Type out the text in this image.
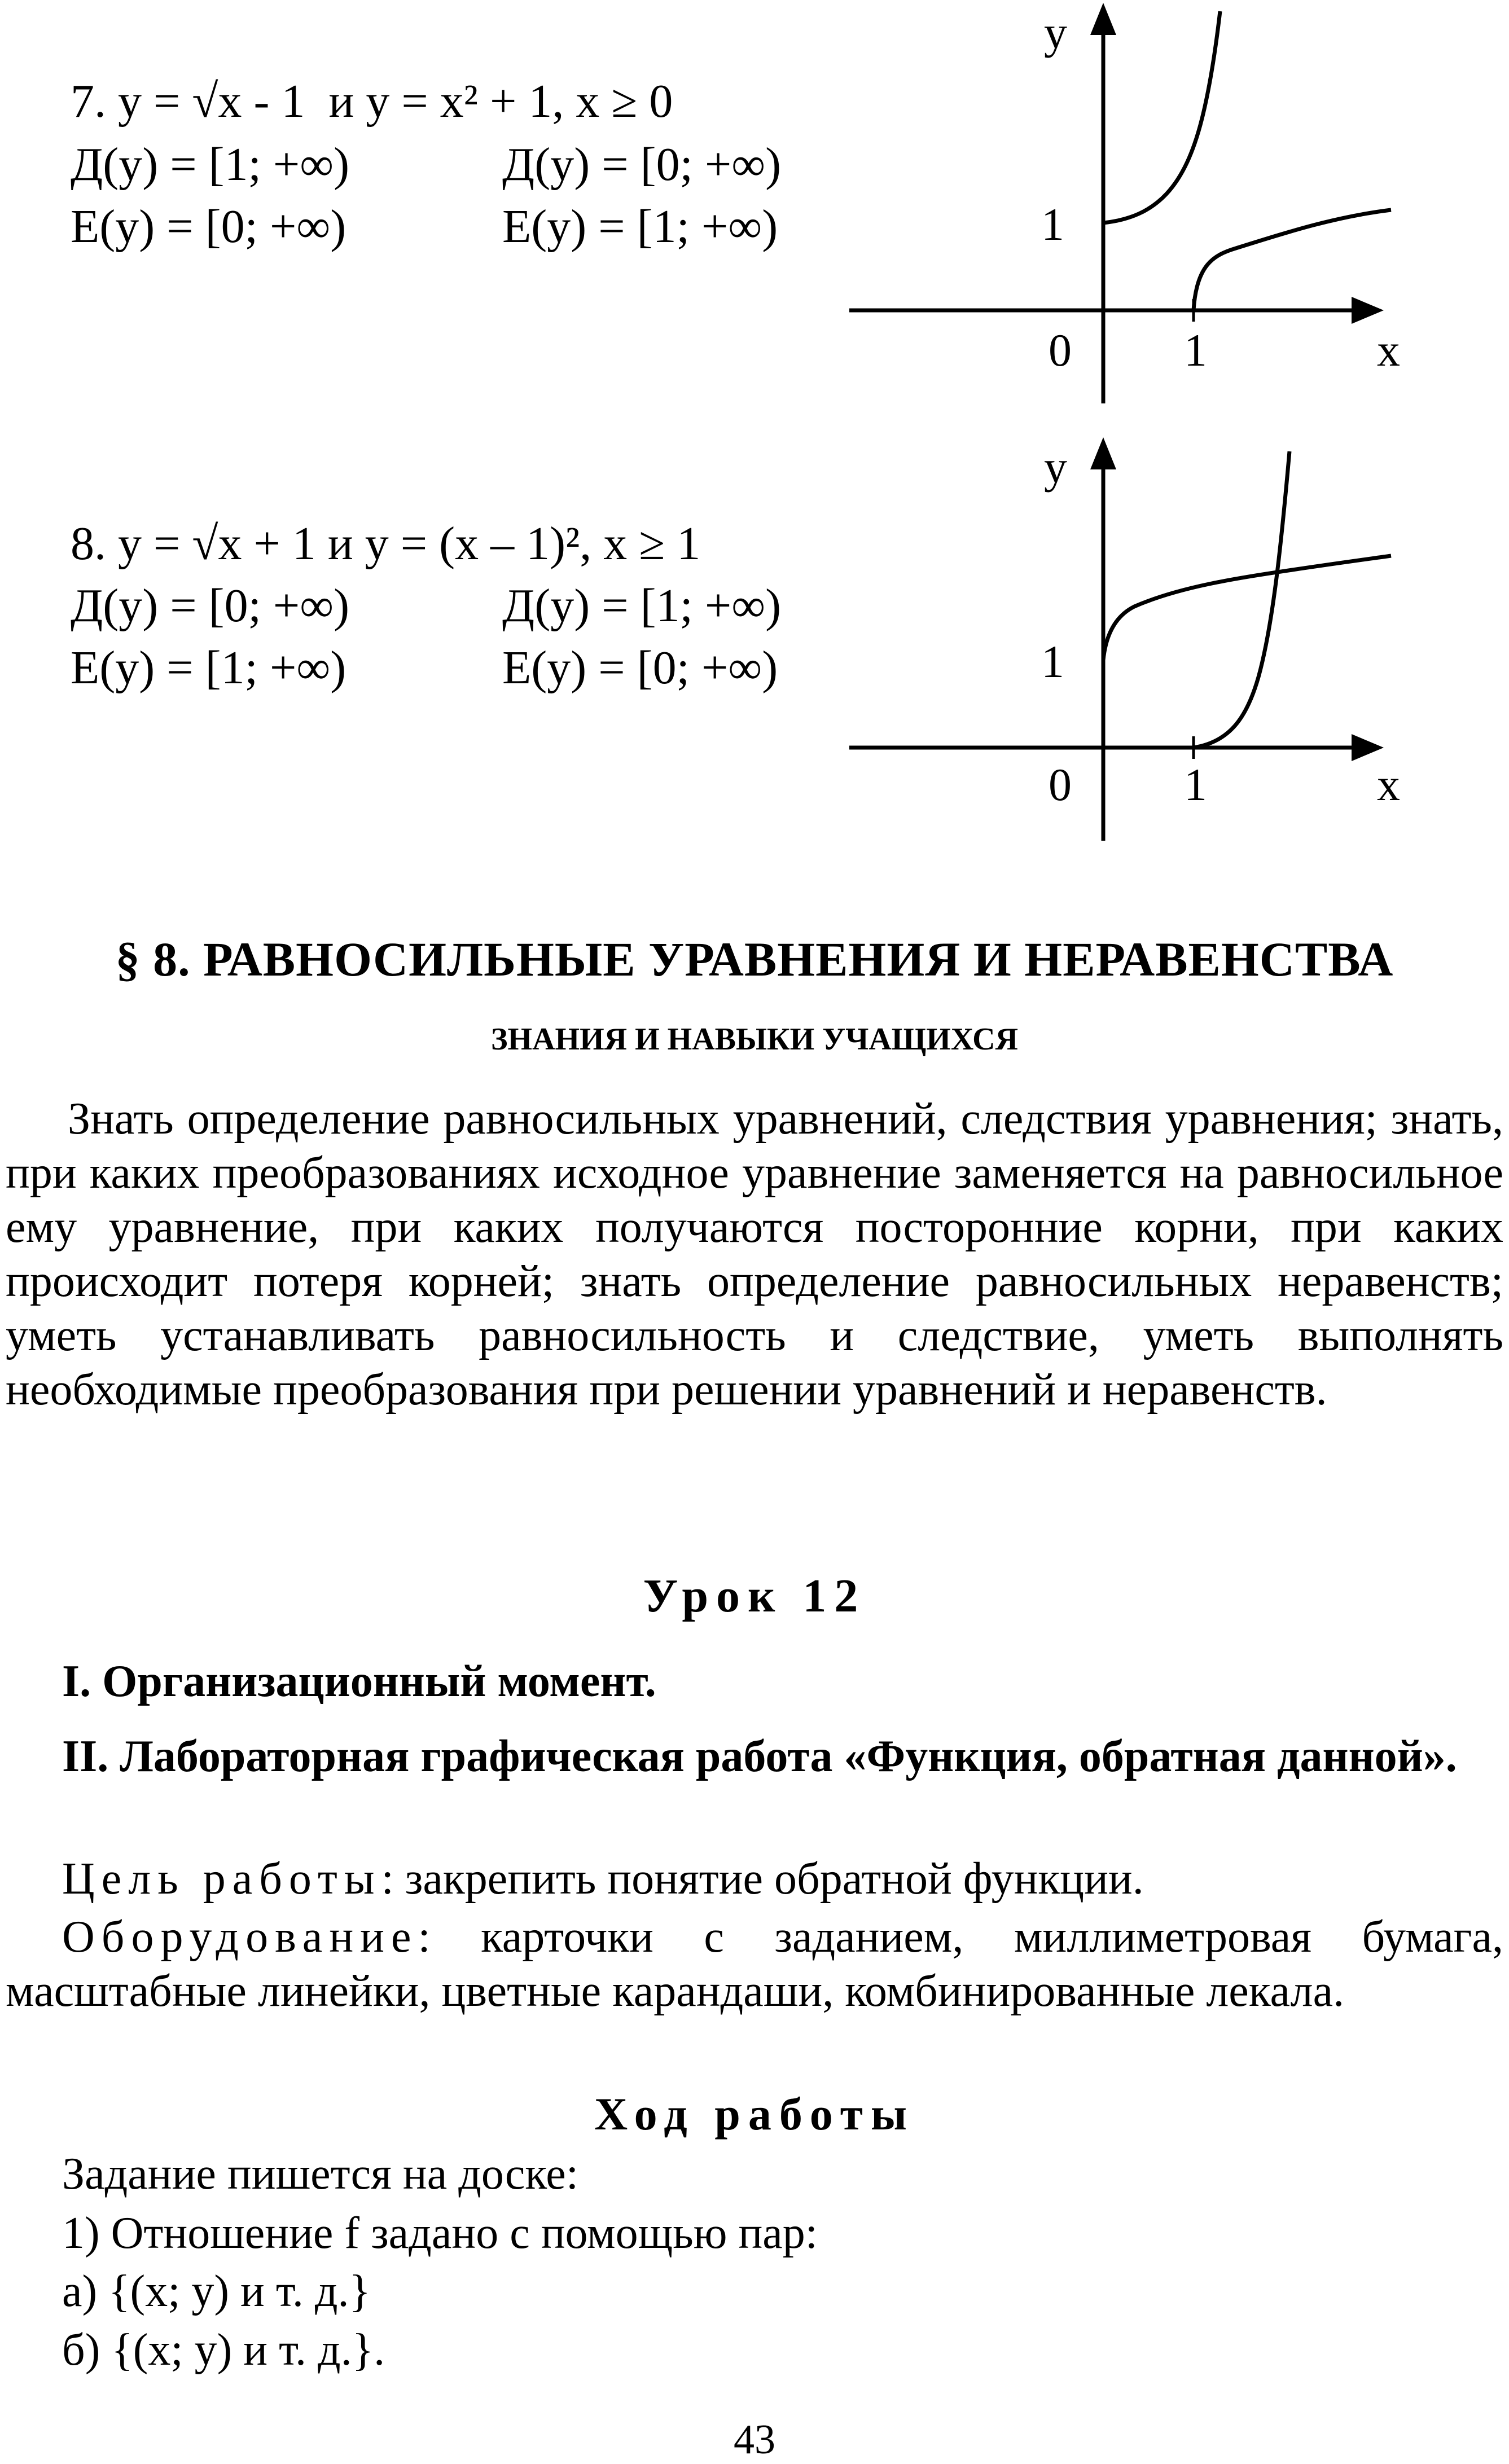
7. y = √x - 1  и y = x² + 1, x ≥ 0
Д(y) = [1; +∞)	Д(y) = [0; +∞)
E(y) = [0; +∞)	E(y) = [1; +∞)
y
x
0 1
1
8. y = √x + 1 и y = (x – 1)², x ≥ 1
Д(y) = [0; +∞)	Д(y) = [1; +∞)
E(y) = [1; +∞)	E(y) = [0; +∞)
y
x
0 1
1
§ 8. РАВНОСИЛЬНЫЕ УРАВНЕНИЯ И НЕРАВЕНСТВА
ЗНАНИЯ И НАВЫКИ УЧАЩИХСЯ
Знать определение равносильных уравнений, следствия уравнения; знать, при каких преобразованиях исходное уравнение заменяется на равносильное ему уравнение, при каких получаются посторонние корни, при каких происходит потеря корней; знать определение равносильных неравенств; уметь устанавливать равносильность и следствие, уметь выполнять необходимые преобразования при решении уравнений и неравенств.
Урок 12
I. Организационный момент.
II. Лабораторная графическая работа «Функция, обратная данной».
Цель работы: закрепить понятие обратной функции.
Оборудование: карточки с заданием, миллиметровая бумага, масштабные линейки, цветные карандаши, комбинированные лекала.
Ход работы
Задание пишется на доске:
1) Отношение f задано с помощью пар:
а) {(x; y) и т. д.}
б) {(x; y) и т. д.}.
43
